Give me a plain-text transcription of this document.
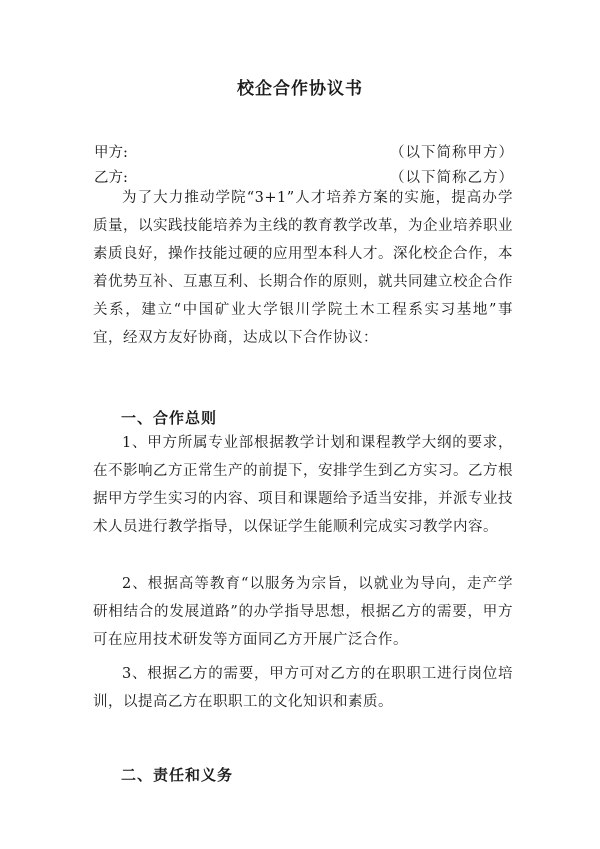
校企合作协议书
甲方:	（以下简称甲方）
乙方:	（以下简称乙方）

为了大力推动学院“3+1”人才培养方案的实施，提高办学质量，以实践技能培养为主线的教育教学改革，为企业培养职业素质良好，操作技能过硬的应用型本科人才。深化校企合作，本着优势互补、互惠互利、长期合作的原则，就共同建立校企合作关系，建立“中国矿业大学银川学院土木工程系实习基地”事宜，经双方友好协商，达成以下合作协议：

一、合作总则

1、甲方所属专业部根据教学计划和课程教学大纲的要求，在不影响乙方正常生产的前提下，安排学生到乙方实习。乙方根据甲方学生实习的内容、项目和课题给予适当安排，并派专业技术人员进行教学指导，以保证学生能顺利完成实习教学内容。

2、根据高等教育“以服务为宗旨，以就业为导向，走产学研相结合的发展道路”的办学指导思想，根据乙方的需要，甲方可在应用技术研发等方面同乙方开展广泛合作。

3、根据乙方的需要，甲方可对乙方的在职职工进行岗位培训，以提高乙方在职职工的文化知识和素质。

二、责任和义务
